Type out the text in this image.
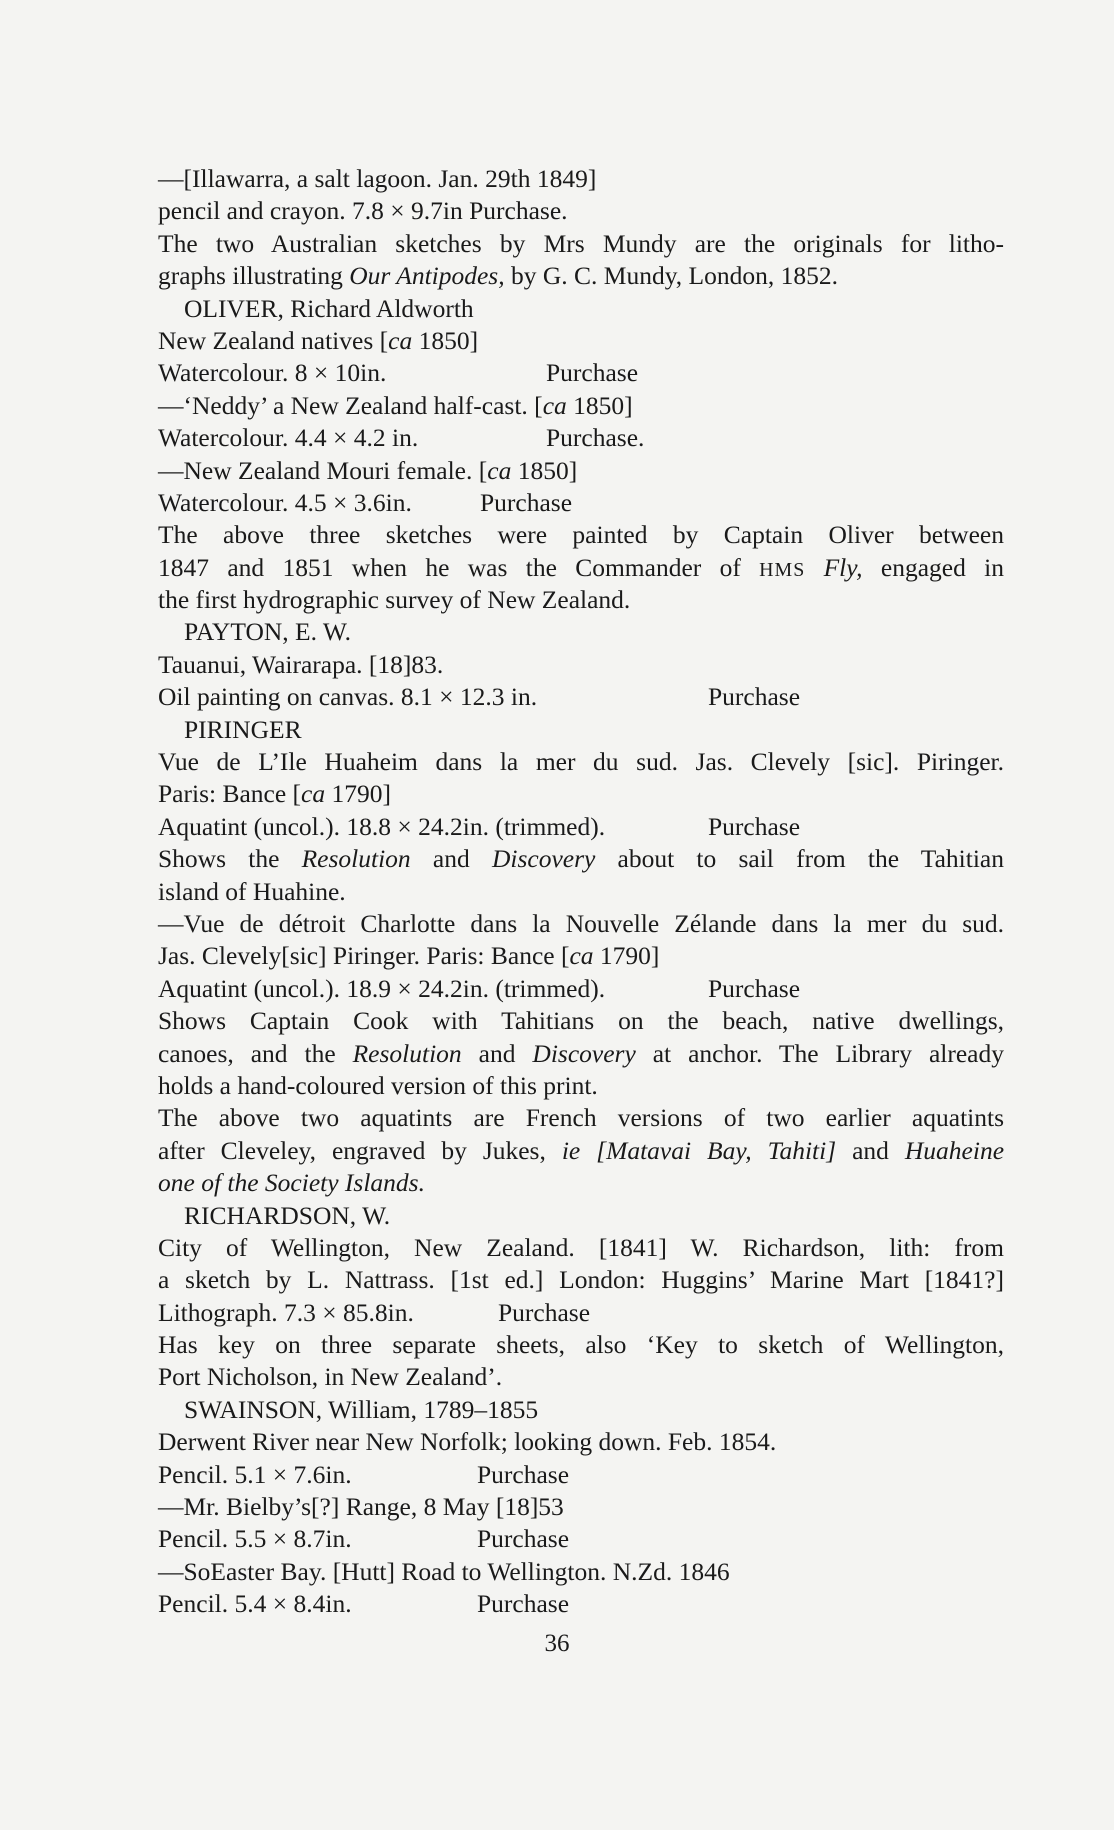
—[Illawarra, a salt lagoon. Jan. 29th 1849]
pencil and crayon. 7.8 × 9.7in Purchase.
The two Australian sketches by Mrs Mundy are the originals for litho-
graphs illustrating Our Antipodes, by G. C. Mundy, London, 1852.
OLIVER, Richard Aldworth
New Zealand natives [ca 1850]
Watercolour. 8 × 10in.	Purchase
—‘Neddy’ a New Zealand half-cast. [ca 1850]
Watercolour. 4.4 × 4.2 in.	Purchase.
—New Zealand Mouri female. [ca 1850]
Watercolour. 4.5 × 3.6in.	Purchase
The above three sketches were painted by Captain Oliver between
1847 and 1851 when he was the Commander of HMS Fly, engaged in
the first hydrographic survey of New Zealand.
PAYTON, E. W.
Tauanui, Wairarapa. [18]83.
Oil painting on canvas. 8.1 × 12.3 in.	Purchase
PIRINGER
Vue de L’Ile Huaheim dans la mer du sud. Jas. Clevely [sic]. Piringer.
Paris: Bance [ca 1790]
Aquatint (uncol.). 18.8 × 24.2in. (trimmed).	Purchase
Shows the Resolution and Discovery about to sail from the Tahitian
island of Huahine.
—Vue de détroit Charlotte dans la Nouvelle Zélande dans la mer du sud.
Jas. Clevely[sic] Piringer. Paris: Bance [ca 1790]
Aquatint (uncol.). 18.9 × 24.2in. (trimmed).	Purchase
Shows Captain Cook with Tahitians on the beach, native dwellings,
canoes, and the Resolution and Discovery at anchor. The Library already
holds a hand-coloured version of this print.
The above two aquatints are French versions of two earlier aquatints
after Cleveley, engraved by Jukes, ie [Matavai Bay, Tahiti] and Huaheine
one of the Society Islands.
RICHARDSON, W.
City of Wellington, New Zealand. [1841] W. Richardson, lith: from
a sketch by L. Nattrass. [1st ed.] London: Huggins’ Marine Mart [1841?]
Lithograph. 7.3 × 85.8in.	Purchase
Has key on three separate sheets, also ‘Key to sketch of Wellington,
Port Nicholson, in New Zealand’.
SWAINSON, William, 1789–1855
Derwent River near New Norfolk; looking down. Feb. 1854.
Pencil. 5.1 × 7.6in.	Purchase
—Mr. Bielby’s[?] Range, 8 May [18]53
Pencil. 5.5 × 8.7in.	Purchase
—SoEaster Bay. [Hutt] Road to Wellington. N.Zd. 1846
Pencil. 5.4 × 8.4in.	Purchase
36
